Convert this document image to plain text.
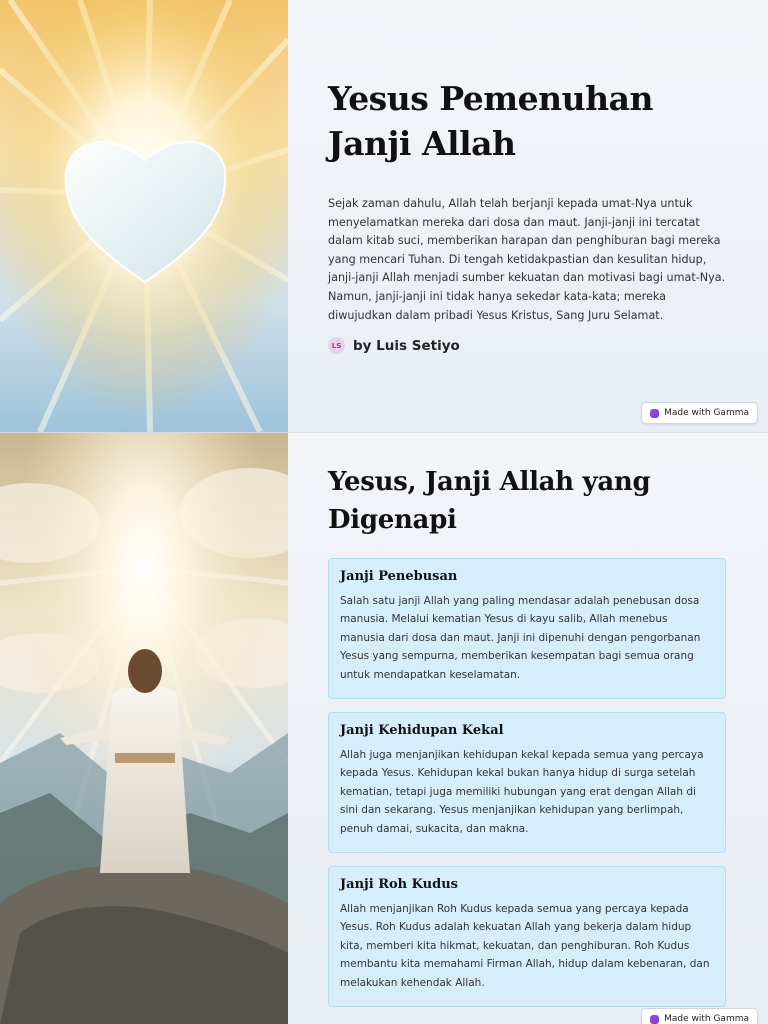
Yesus Pemenuhan Janji Allah

Sejak zaman dahulu, Allah telah berjanji kepada umat-Nya untuk menyelamatkan mereka dari dosa dan maut. Janji-janji ini tercatat dalam kitab suci, memberikan harapan dan penghiburan bagi mereka yang mencari Tuhan. Di tengah ketidakpastian dan kesulitan hidup, janji-janji Allah menjadi sumber kekuatan dan motivasi bagi umat-Nya. Namun, janji-janji ini tidak hanya sekedar kata-kata; mereka diwujudkan dalam pribadi Yesus Kristus, Sang Juru Selamat.

LS by Luis Setiyo
Made with Gamma
Yesus, Janji Allah yang Digenapi
Janji Penebusan

Salah satu janji Allah yang paling mendasar adalah penebusan dosa manusia. Melalui kematian Yesus di kayu salib, Allah menebus manusia dari dosa dan maut. Janji ini dipenuhi dengan pengorbanan Yesus yang sempurna, memberikan kesempatan bagi semua orang untuk mendapatkan keselamatan.

Janji Kehidupan Kekal

Allah juga menjanjikan kehidupan kekal kepada semua yang percaya kepada Yesus. Kehidupan kekal bukan hanya hidup di surga setelah kematian, tetapi juga memiliki hubungan yang erat dengan Allah di sini dan sekarang. Yesus menjanjikan kehidupan yang berlimpah, penuh damai, sukacita, dan makna.

Janji Roh Kudus

Allah menjanjikan Roh Kudus kepada semua yang percaya kepada Yesus. Roh Kudus adalah kekuatan Allah yang bekerja dalam hidup kita, memberi kita hikmat, kekuatan, dan penghiburan. Roh Kudus membantu kita memahami Firman Allah, hidup dalam kebenaran, dan melakukan kehendak Allah.

Made with Gamma
